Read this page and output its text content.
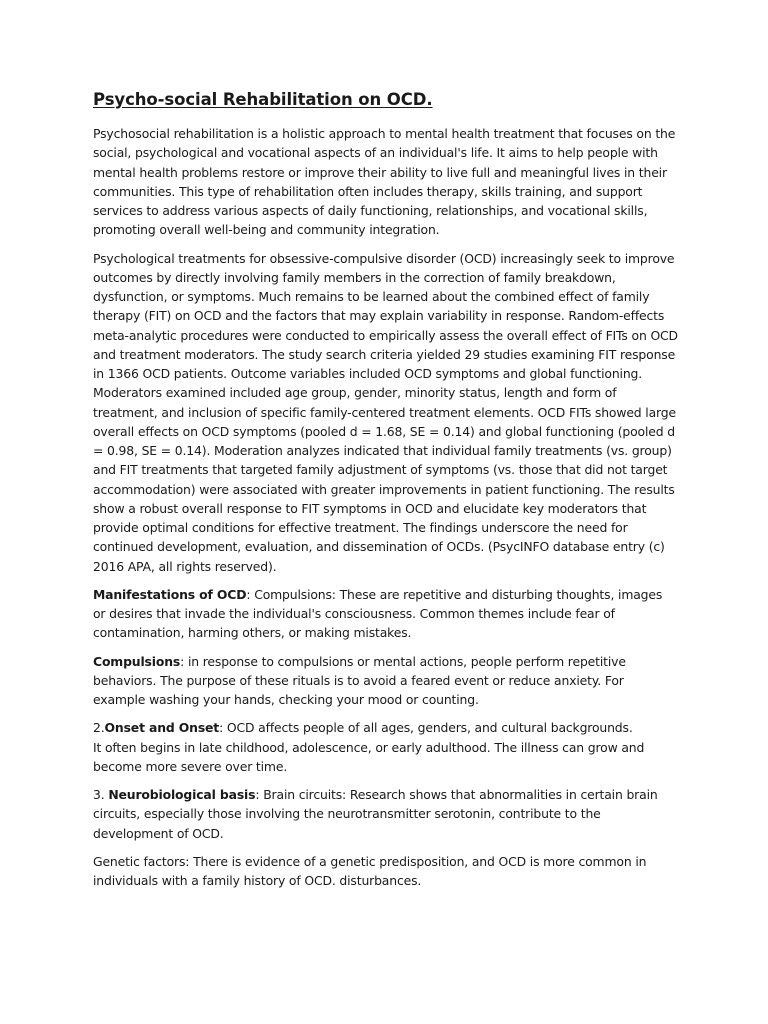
Psycho-social Rehabilitation on OCD.

Psychosocial rehabilitation is a holistic approach to mental health treatment that focuses on the social, psychological and vocational aspects of an individual's life. It aims to help people with mental health problems restore or improve their ability to live full and meaningful lives in their communities. This type of rehabilitation often includes therapy, skills training, and support services to address various aspects of daily functioning, relationships, and vocational skills, promoting overall well-being and community integration.

Psychological treatments for obsessive-compulsive disorder (OCD) increasingly seek to improve outcomes by directly involving family members in the correction of family breakdown, dysfunction, or symptoms. Much remains to be learned about the combined effect of family therapy (FIT) on OCD and the factors that may explain variability in response. Random-effects meta-analytic procedures were conducted to empirically assess the overall effect of FITs on OCD and treatment moderators. The study search criteria yielded 29 studies examining FIT response in 1366 OCD patients. Outcome variables included OCD symptoms and global functioning. Moderators examined included age group, gender, minority status, length and form of treatment, and inclusion of specific family-centered treatment elements. OCD FITs showed large overall effects on OCD symptoms (pooled d = 1.68, SE = 0.14) and global functioning (pooled d = 0.98, SE = 0.14). Moderation analyzes indicated that individual family treatments (vs. group) and FIT treatments that targeted family adjustment of symptoms (vs. those that did not target accommodation) were associated with greater improvements in patient functioning. The results show a robust overall response to FIT symptoms in OCD and elucidate key moderators that provide optimal conditions for effective treatment. The findings underscore the need for continued development, evaluation, and dissemination of OCDs. (PsycINFO database entry (c) 2016 APA, all rights reserved).

Manifestations of OCD: Compulsions: These are repetitive and disturbing thoughts, images or desires that invade the individual's consciousness. Common themes include fear of contamination, harming others, or making mistakes.

Compulsions: in response to compulsions or mental actions, people perform repetitive behaviors. The purpose of these rituals is to avoid a feared event or reduce anxiety. For example washing your hands, checking your mood or counting.

2.Onset and Onset: OCD affects people of all ages, genders, and cultural backgrounds.
It often begins in late childhood, adolescence, or early adulthood. The illness can grow and become more severe over time.

3. Neurobiological basis: Brain circuits: Research shows that abnormalities in certain brain circuits, especially those involving the neurotransmitter serotonin, contribute to the development of OCD.

Genetic factors: There is evidence of a genetic predisposition, and OCD is more common in individuals with a family history of OCD. disturbances.
